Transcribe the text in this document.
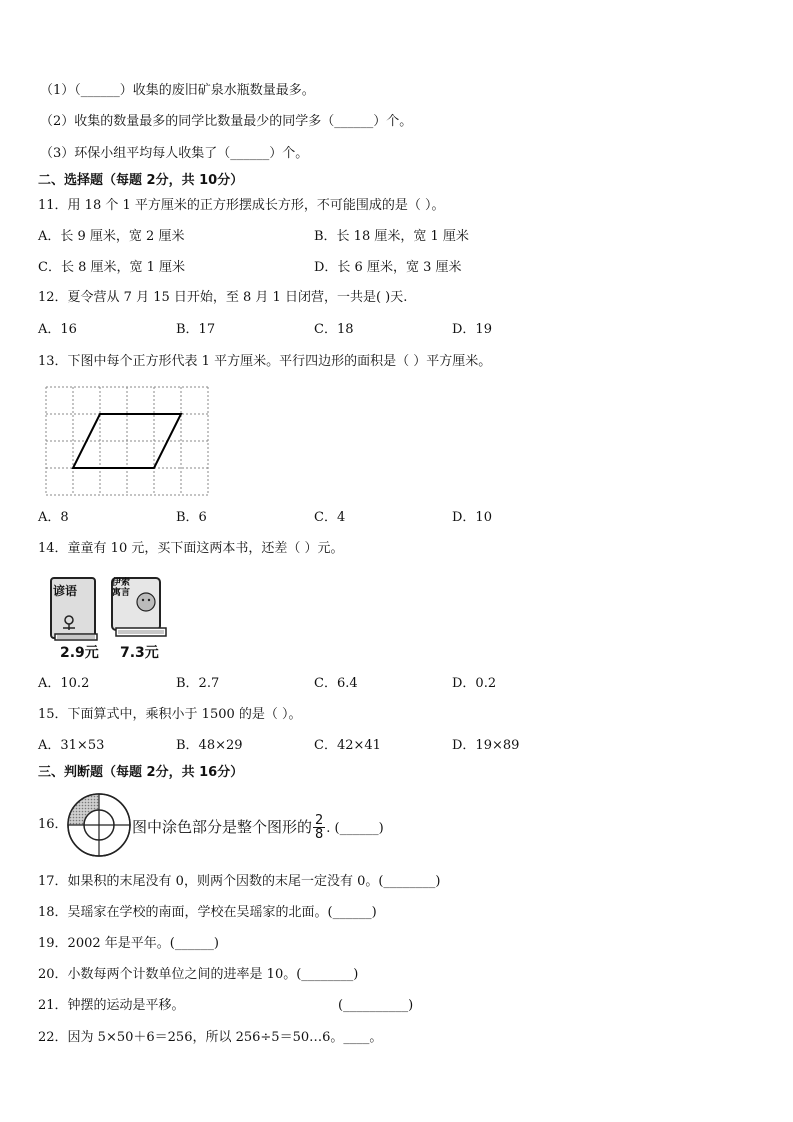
（1）（______）收集的废旧矿泉水瓶数量最多。
（2）收集的数量最多的同学比数量最少的同学多（______）个。
（3）环保小组平均每人收集了（______）个。
二、选择题（每题 2分，共 10分）
11．用 18 个 1 平方厘米的正方形摆成长方形，不可能围成的是（ ）。
A．长 9 厘米，宽 2 厘米	B．长 18 厘米，宽 1 厘米
C．长 8 厘米，宽 1 厘米	D．长 6 厘米，宽 3 厘米
12．夏令营从 7 月 15 日开始，至 8 月 1 日闭营，一共是( )天.
A．16	B．17	C．18	D．19
13．下图中每个正方形代表 1 平方厘米。平行四边形的面积是（ ）平方厘米。
A．8	B．6	C．4	D．10
14．童童有 10 元，买下面这两本书，还差（ ）元。
谚语
伊索寓言
2.9元 7.3元
A．10.2	B．2.7	C．6.4	D．0.2
15．下面算式中，乘积小于 1500 的是（ ）。
A．31×53	B．48×29	C．42×41	D．19×89
三、判断题（每题 2分，共 16分）
16．	图中涂色部分是整个图形的 $\frac{2}{8}$ . (______)
17．如果积的末尾没有 0，则两个因数的末尾一定没有 0。(________)
18．吴瑶家在学校的南面，学校在吴瑶家的北面。(______)
19．2002 年是平年。(______)
20．小数每两个计数单位之间的进率是 10。(________)
21．钟摆的运动是平移。	(__________)
22．因为 5×50＋6＝256，所以 256÷5＝50…6。____。
